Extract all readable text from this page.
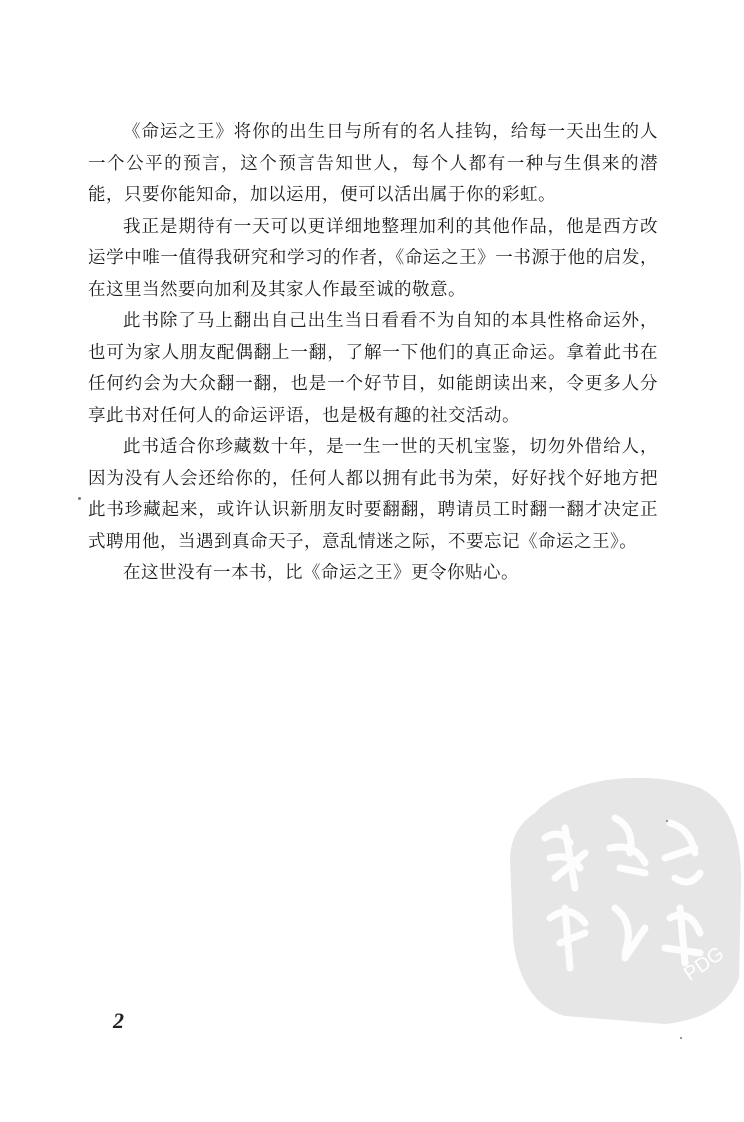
《命运之王》将你的出生日与所有的名人挂钩，给每一天出生的人一个公平的预言，这个预言告知世人，每个人都有一种与生俱来的潜能，只要你能知命，加以运用，便可以活出属于你的彩虹。

我正是期待有一天可以更详细地整理加利的其他作品，他是西方改运学中唯一值得我研究和学习的作者，《命运之王》一书源于他的启发，在这里当然要向加利及其家人作最至诚的敬意。

此书除了马上翻出自己出生当日看看不为自知的本具性格命运外，也可为家人朋友配偶翻上一翻，了解一下他们的真正命运。拿着此书在任何约会为大众翻一翻，也是一个好节目，如能朗读出来，令更多人分享此书对任何人的命运评语，也是极有趣的社交活动。

此书适合你珍藏数十年，是一生一世的天机宝鉴，切勿外借给人，因为没有人会还给你的，任何人都以拥有此书为荣，好好找个好地方把此书珍藏起来，或许认识新朋友时要翻翻，聘请员工时翻一翻才决定正式聘用他，当遇到真命天子，意乱情迷之际，不要忘记《命运之王》。

在这世没有一本书，比《命运之王》更令你贴心。

PDG
2
